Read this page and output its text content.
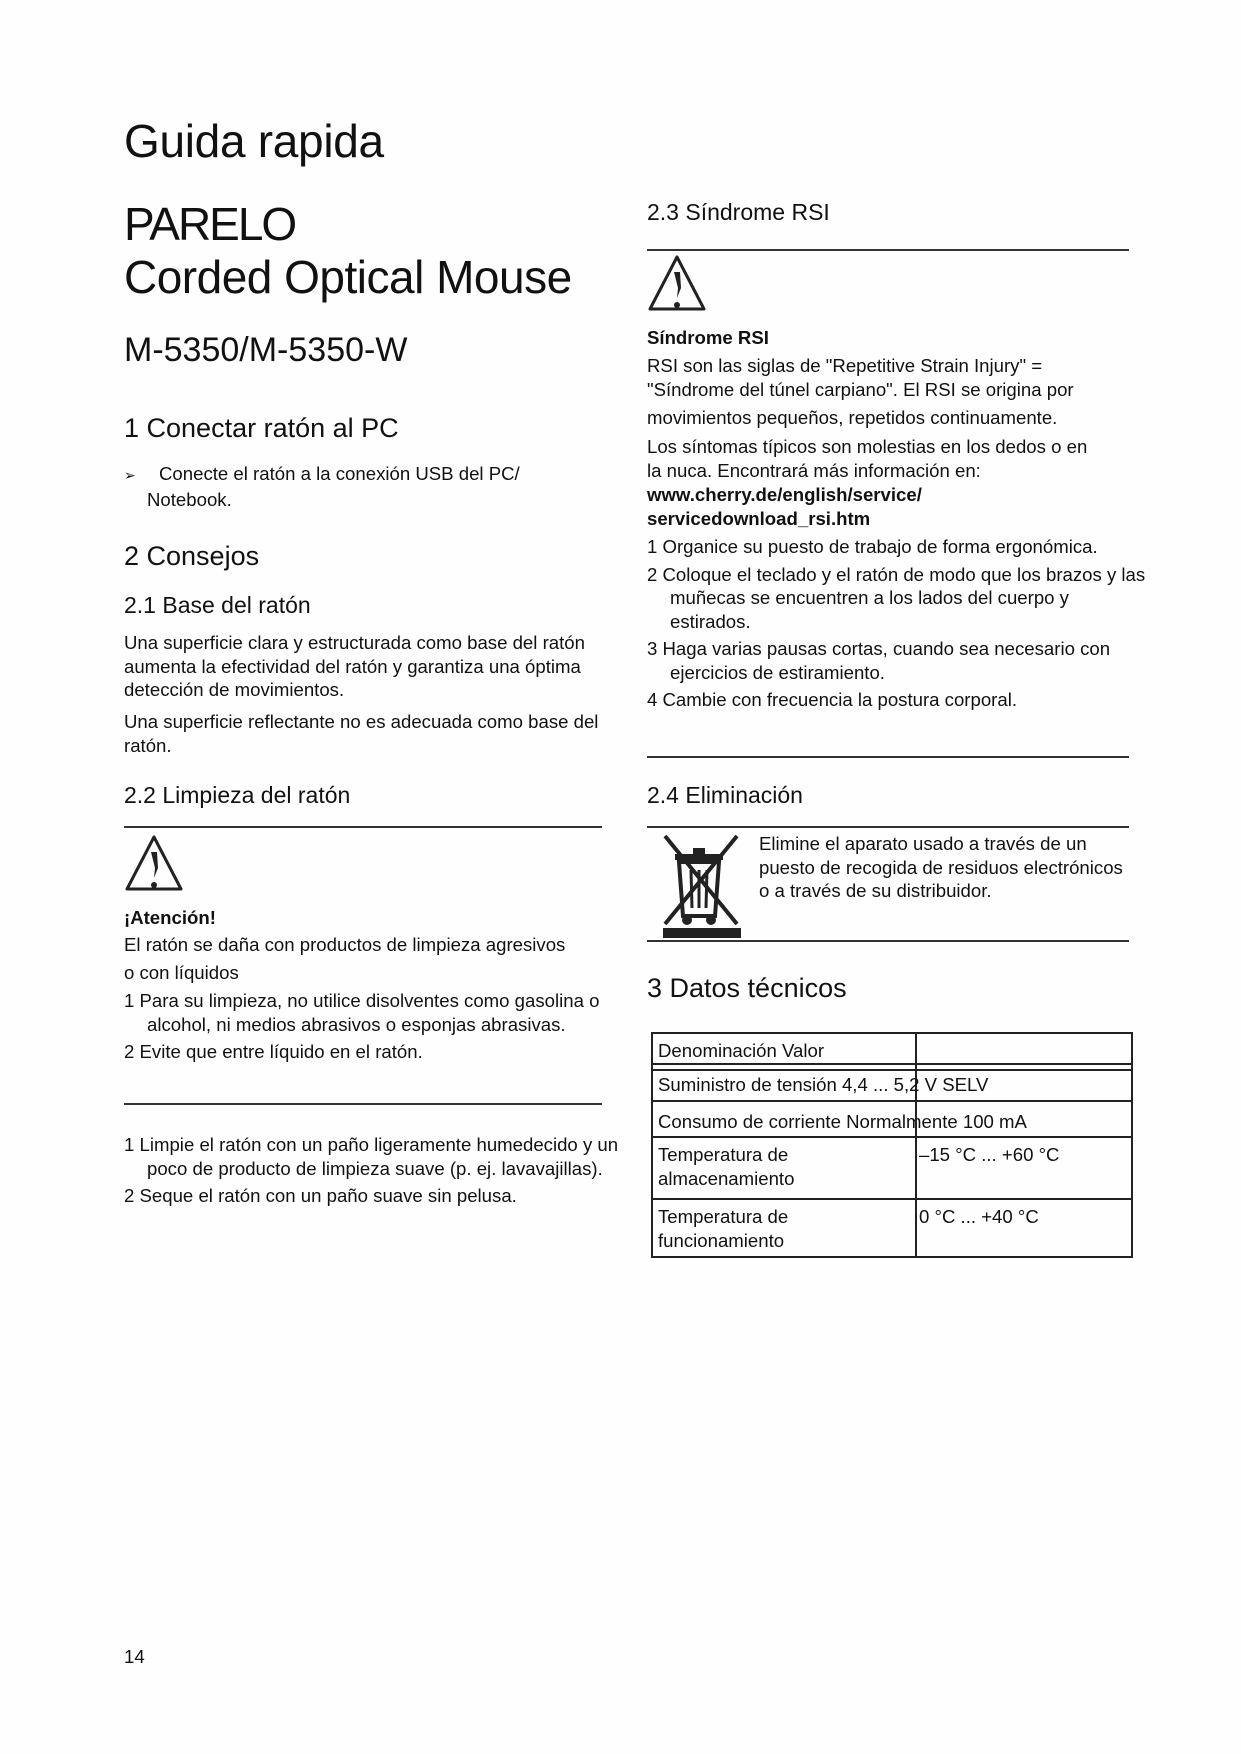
Guida rapida
PARELO
Corded Optical Mouse
M-5350/M-5350-W
1 Conectar ratón al PC
➢ Conecte el ratón a la conexión USB del PC/
Notebook.
2 Consejos
2.1 Base del ratón
Una superficie clara y estructurada como base del ratón aumenta la efectividad del ratón y garantiza una óptima detección de movimientos.
Una superficie reflectante no es adecuada como base del ratón.
2.2 Limpieza del ratón
¡Atención!
El ratón se daña con productos de limpieza agresivos
o con líquidos
1 Para su limpieza, no utilice disolventes como gasolina o alcohol, ni medios abrasivos o esponjas abrasivas.
2 Evite que entre líquido en el ratón.
1 Limpie el ratón con un paño ligeramente humedecido y un poco de producto de limpieza suave (p. ej. lavavajillas).
2 Seque el ratón con un paño suave sin pelusa.
2.3 Síndrome RSI
Síndrome RSI
RSI son las siglas de "Repetitive Strain Injury" =
"Síndrome del túnel carpiano". El RSI se origina por
movimientos pequeños, repetidos continuamente.
Los síntomas típicos son molestias en los dedos o en
la nuca. Encontrará más información en:
www.cherry.de/english/service/
servicedownload_rsi.htm
1 Organice su puesto de trabajo de forma ergonómica.
2 Coloque el teclado y el ratón de modo que los brazos y las muñecas se encuentren a los lados del cuerpo y estirados.
3 Haga varias pausas cortas, cuando sea necesario con ejercicios de estiramiento.
4 Cambie con frecuencia la postura corporal.
2.4 Eliminación
Elimine el aparato usado a través de un puesto de recogida de residuos electrónicos o a través de su distribuidor.
3 Datos técnicos
Denominación Valor
Suministro de tensión 4,4 ... 5,2 V SELV
Consumo de corriente Normalmente 100 mA
Temperatura de almacenamiento
–15 °C ... +60 °C
Temperatura de funcionamiento
0 °C ... +40 °C
14
